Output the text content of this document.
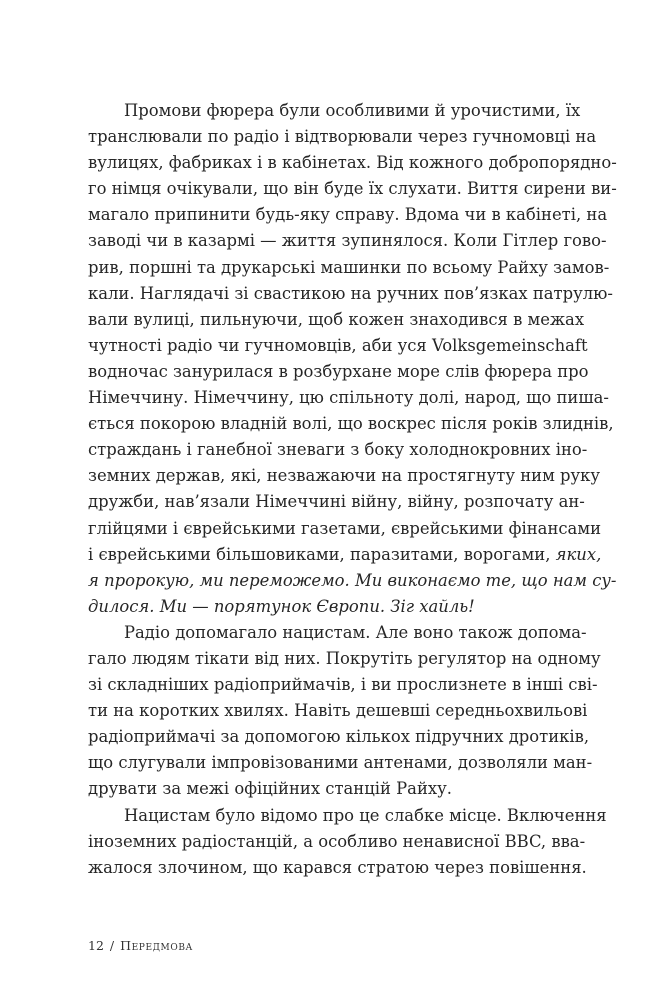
Промови фюрера були особливими й урочистими, їх
транслювали по радіо і відтворювали через гучномовці на
вулицях, фабриках і в кабінетах. Від кожного добропорядно-
го німця очікували, що він буде їх слухати. Виття сирени ви-
магало припинити будь-яку справу. Вдома чи в кабінеті, на
заводі чи в казармі — життя зупинялося. Коли Гітлер гово-
рив, поршні та друкарські машинки по всьому Райху замов-
кали. Наглядачі зі свастикою на ручних пов’язках патрулю-
вали вулиці, пильнуючи, щоб кожен знаходився в межах
чутності радіо чи гучномовців, аби уся Volksgemeinschaft
водночас занурилася в розбурхане море слів фюрера про
Німеччину. Німеччину, цю спільноту долі, народ, що пиша-
ється покорою владній волі, що воскрес після років злиднів,
страждань і ганебної зневаги з боку холоднокровних іно-
земних держав, які, незважаючи на простягнуту ним руку
дружби, нав’язали Німеччині війну, війну, розпочату ан-
глійцями і єврейськими газетами, єврейськими фінансами
і єврейськими більшовиками, паразитами, ворогами, яких,
я пророкую, ми переможемо. Ми виконаємо те, що нам су-
дилося. Ми — порятунок Європи. Зіг хайль!
Радіо допомагало нацистам. Але воно також допома-
гало людям тікати від них. Покрутіть регулятор на одному
зі складніших радіоприймачів, і ви прослизнете в інші сві-
ти на коротких хвилях. Навіть дешевші середньохвильові
радіоприймачі за допомогою кількох підручних дротиків,
що слугували імпровізованими антенами, дозволяли ман-
друвати за межі офіційних станцій Райху.
Нацистам було відомо про це слабке місце. Включення
іноземних радіостанцій, а особливо ненависної BBC, вва-
жалося злочином, що карався стратою через повішення.
12 / Передмова
